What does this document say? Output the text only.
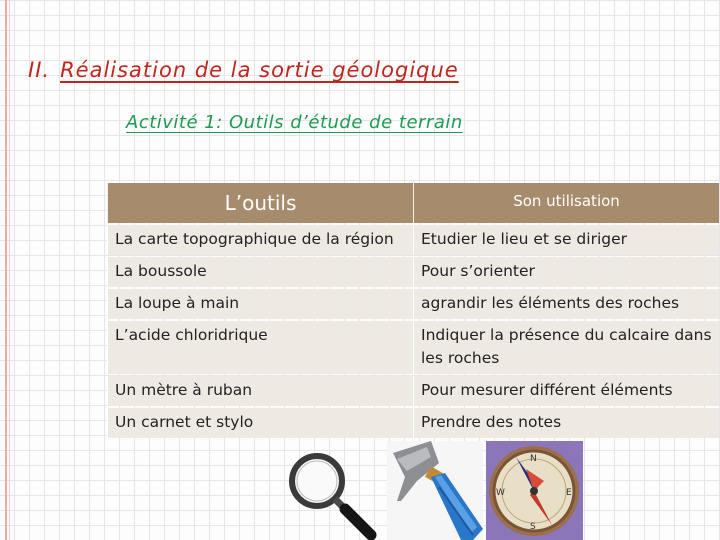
II. Réalisation de la sortie géologique
Activité 1: Outils d’étude de terrain
L’outils	Son utilisation
La carte topographique de la région	Etudier le lieu et se diriger
La boussole	Pour s’orienter
La loupe à main	agrandir les éléments des roches
L’acide chloridrique	Indiquer la présence du calcaire dans les roches
Un mètre à ruban	Pour mesurer différent éléments
Un carnet et stylo	Prendre des notes
N
E
S
W
